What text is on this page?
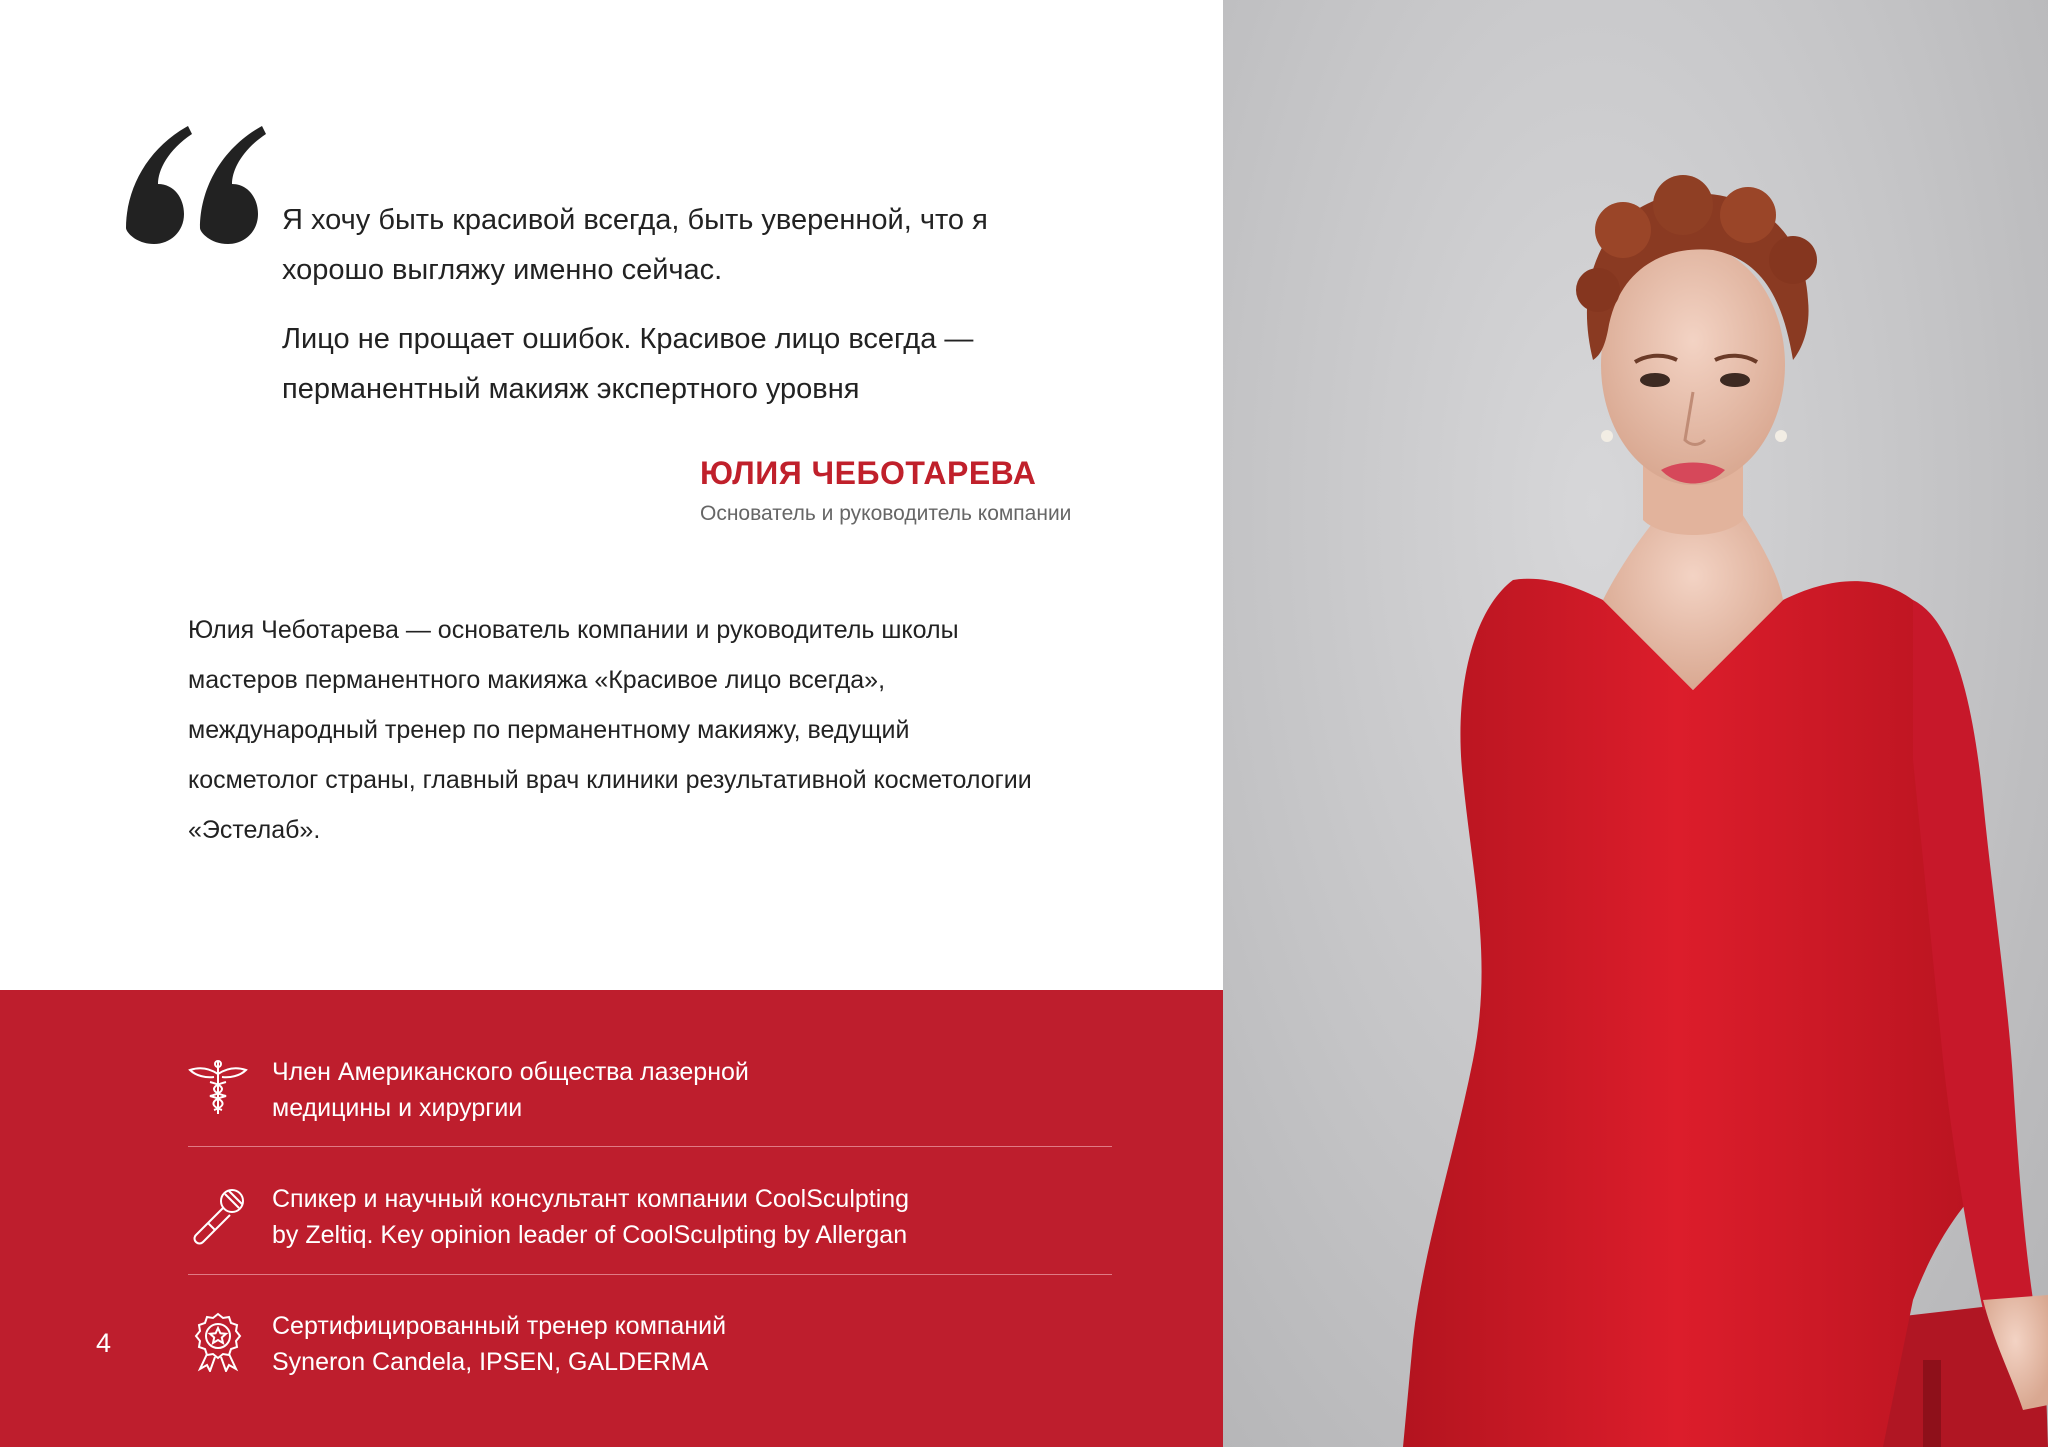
Я хочу быть красивой всегда, быть уверенной, что я хорошо выгляжу именно сейчас.

Лицо не прощает ошибок. Красивое лицо всегда — перманентный макияж экспертного уровня

ЮЛИЯ ЧЕБОТАРЕВА
Основатель и руководитель компании
Юлия Чеботарева — основатель компании и руководитель школы мастеров перманентного макияжа «Красивое лицо всегда», международный тренер по перманентному макияжу, ведущий косметолог страны, главный врач клиники результативной косметологии «Эстелаб».
Член Американского общества лазерной
медицины и хирургии
Спикер и научный консультант компании CoolSculpting
by Zeltiq. Key opinion leader of CoolSculpting by Allergan
Сертифицированный тренер компаний
Syneron Candela, IPSEN, GALDERMA
4
